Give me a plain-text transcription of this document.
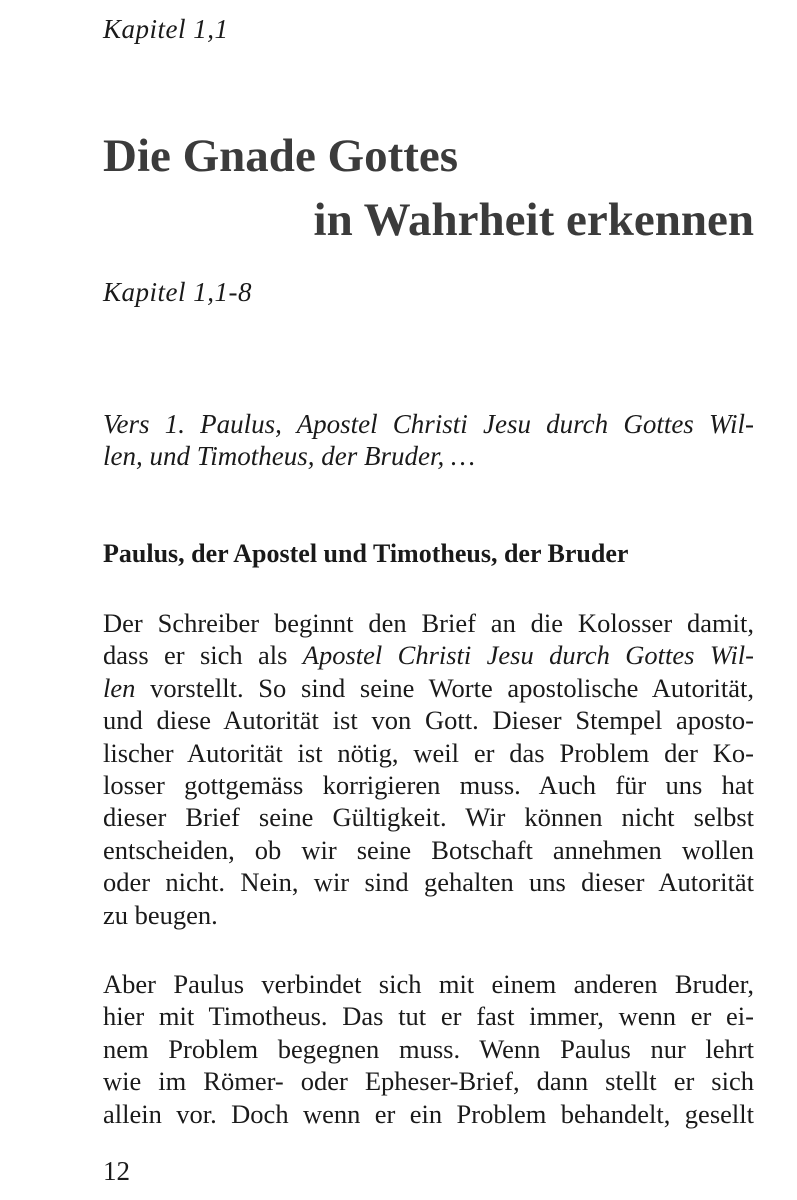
Kapitel 1,1
Die Gnade Gottes
in Wahrheit erkennen
Kapitel 1,1-8

Vers 1. Paulus, Apostel Christi Jesu durch Gottes Wil-
len, und Timotheus, der Bruder, …

Paulus, der Apostel und Timotheus, der Bruder

Der Schreiber beginnt den Brief an die Kolosser damit,
dass er sich als Apostel Christi Jesu durch Gottes Wil-
len vorstellt. So sind seine Worte apostolische Autorität,
und diese Autorität ist von Gott. Dieser Stempel aposto-
lischer Autorität ist nötig, weil er das Problem der Ko-
losser gottgemäss korrigieren muss. Auch für uns hat
dieser Brief seine Gültigkeit. Wir können nicht selbst
entscheiden, ob wir seine Botschaft annehmen wollen
oder nicht. Nein, wir sind gehalten uns dieser Autorität
zu beugen.

Aber Paulus verbindet sich mit einem anderen Bruder,
hier mit Timotheus. Das tut er fast immer, wenn er ei-
nem Problem begegnen muss. Wenn Paulus nur lehrt
wie im Römer- oder Epheser-Brief, dann stellt er sich
allein vor. Doch wenn er ein Problem behandelt, gesellt

12
